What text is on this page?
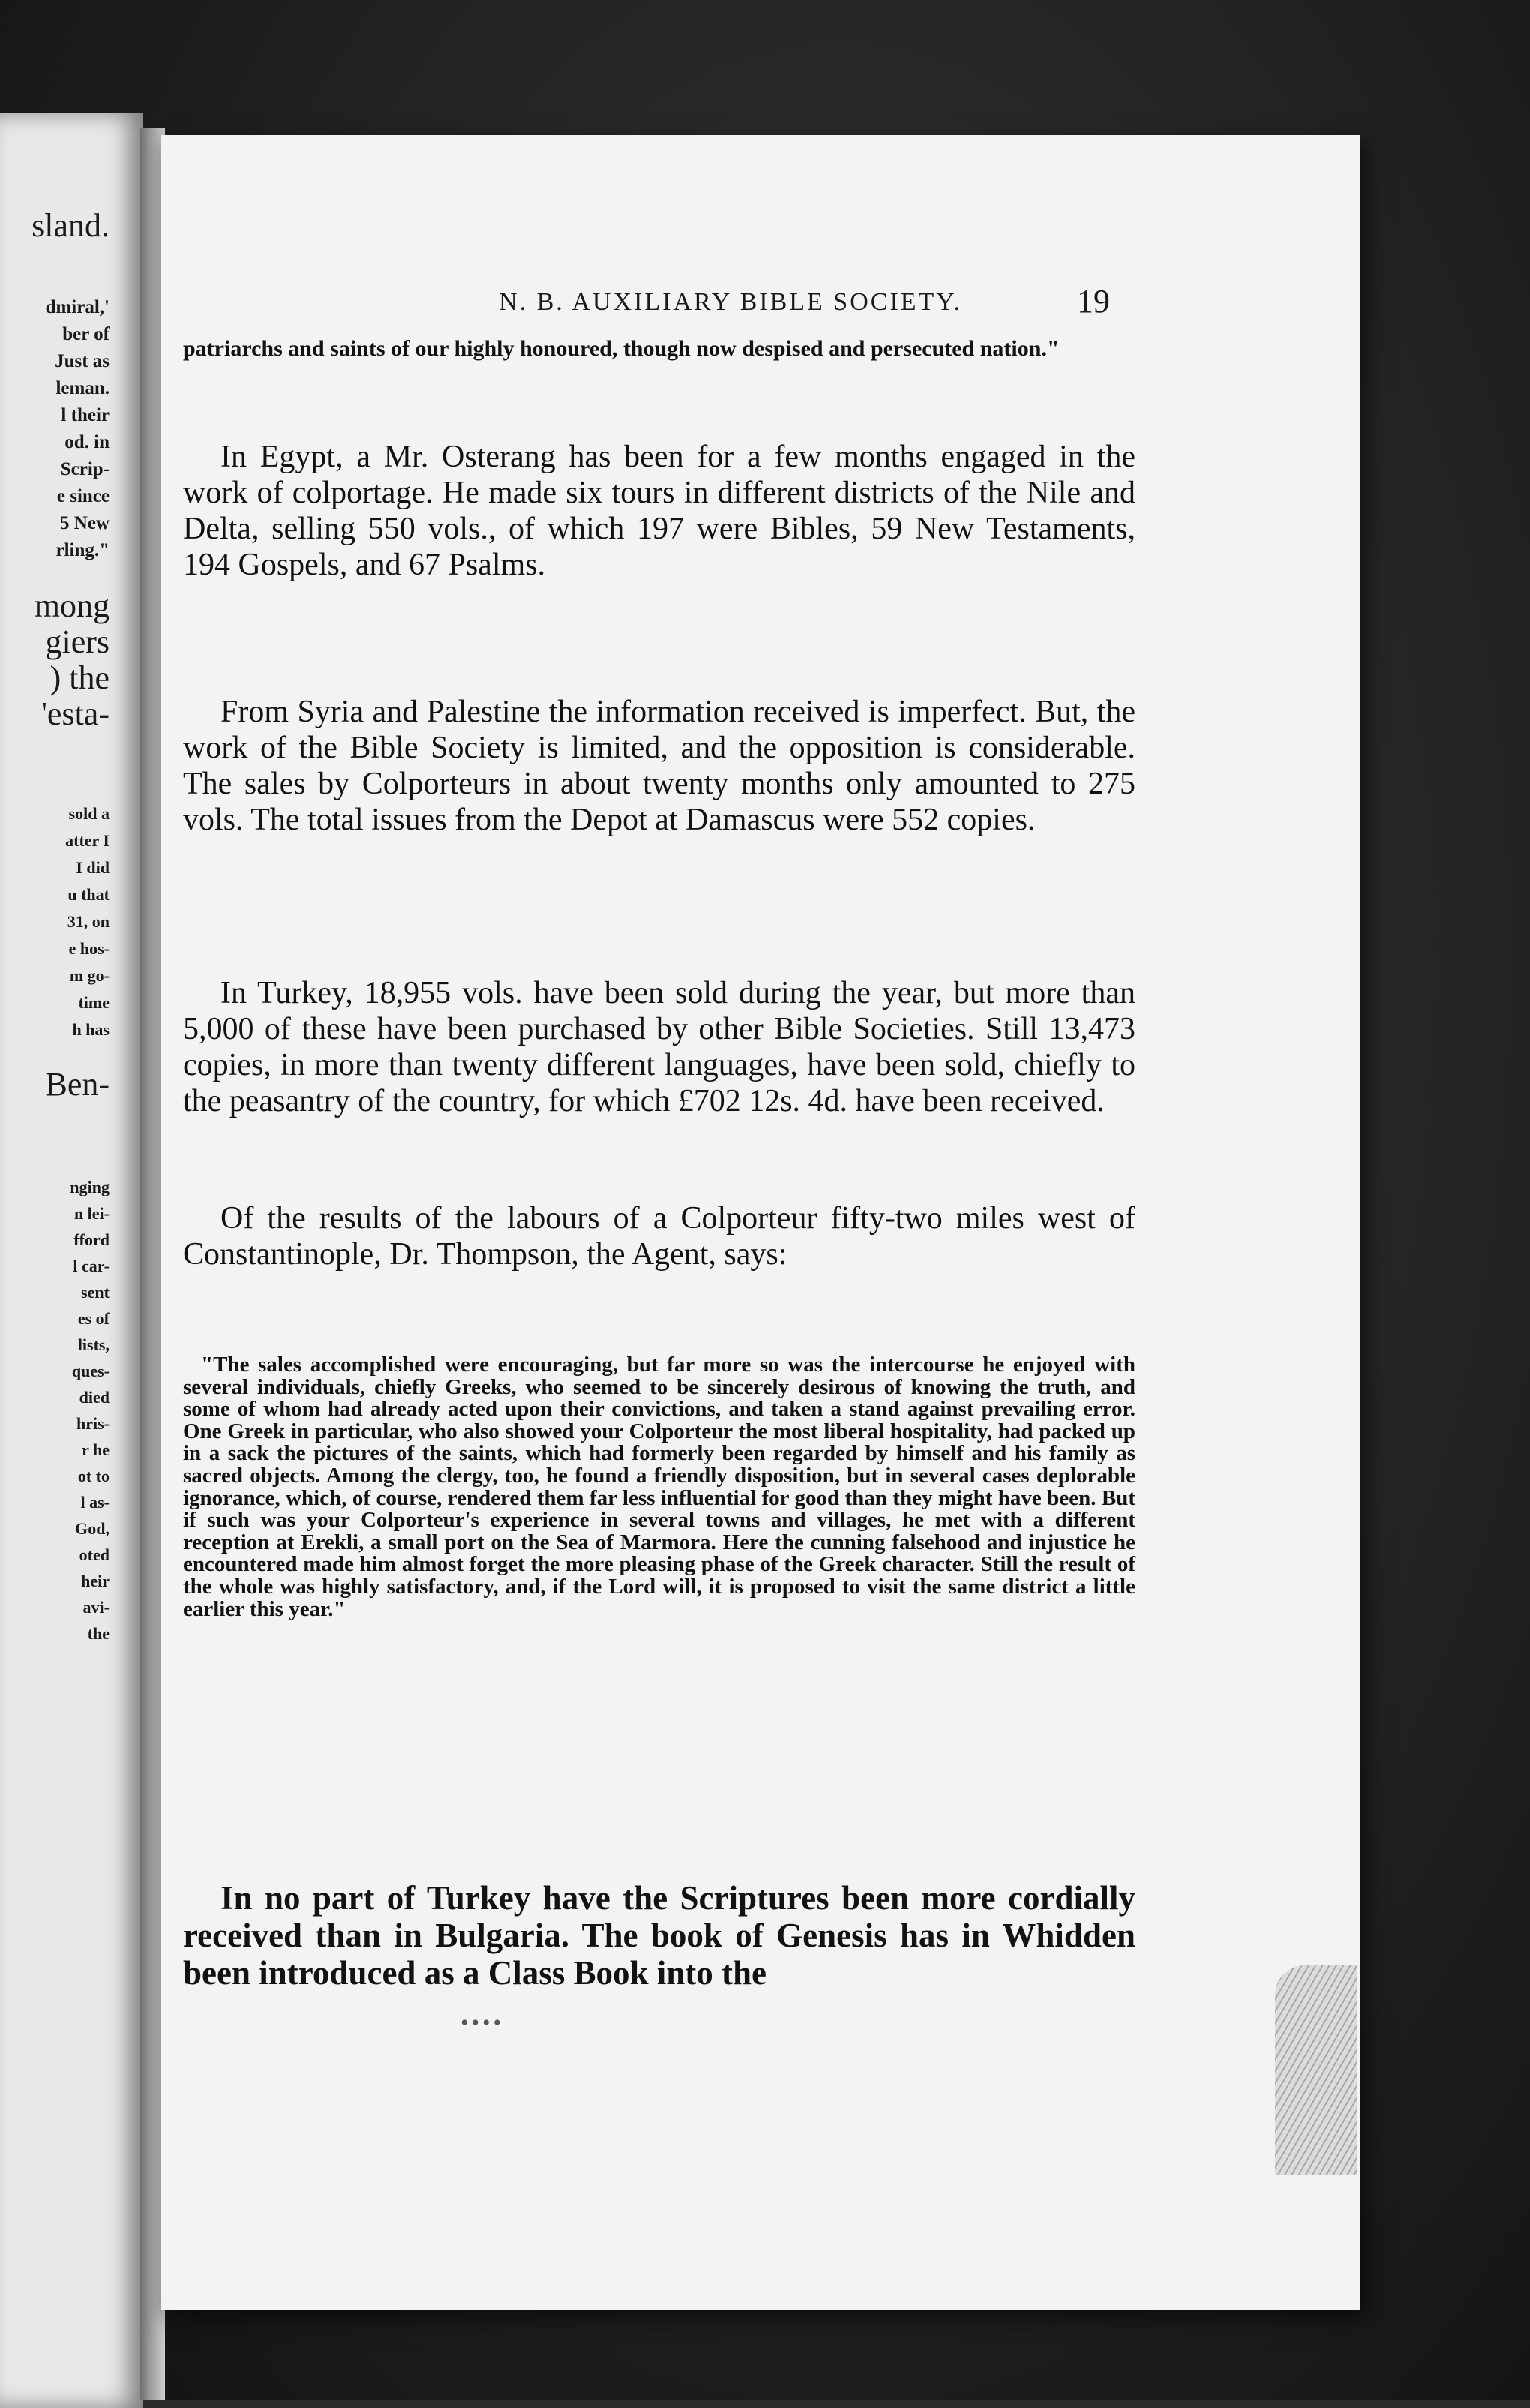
sland.
dmiral,'
ber of
Just as
leman.
l their
od. in
Scrip-
e since
5 New
rling."
mong
giers
) the
'esta-
sold a
atter I
I did
u that
31, on
e hos-
m go-
time
h has
Ben-
nging
n lei-
fford
l car-
sent
es of
lists,
ques-
died
hris-
r he
ot to
l as-
God,
oted
heir
avi-
the
N. B. AUXILIARY BIBLE SOCIETY.	19

patriarchs and saints of our highly honoured, though now despised and persecuted nation."

In Egypt, a Mr. Osterang has been for a few months engaged in the work of colportage. He made six tours in different districts of the Nile and Delta, selling 550 vols., of which 197 were Bibles, 59 New Testaments, 194 Gospels, and 67 Psalms.

From Syria and Palestine the information received is imperfect. But, the work of the Bible Society is limited, and the opposition is considerable. The sales by Colporteurs in about twenty months only amounted to 275 vols. The total issues from the Depot at Damascus were 552 copies.

In Turkey, 18,955 vols. have been sold during the year, but more than 5,000 of these have been purchased by other Bible Societies. Still 13,473 copies, in more than twenty different languages, have been sold, chiefly to the peasantry of the country, for which £702 12s. 4d. have been received.

Of the results of the labours of a Colporteur fifty-two miles west of Constantinople, Dr. Thompson, the Agent, says:

"The sales accomplished were encouraging, but far more so was the intercourse he enjoyed with several individuals, chiefly Greeks, who seemed to be sincerely desirous of knowing the truth, and some of whom had already acted upon their convictions, and taken a stand against prevailing error. One Greek in particular, who also showed your Colporteur the most liberal hospitality, had packed up in a sack the pictures of the saints, which had formerly been regarded by himself and his family as sacred objects. Among the clergy, too, he found a friendly disposition, but in several cases deplorable ignorance, which, of course, rendered them far less influential for good than they might have been. But if such was your Colporteur's experience in several towns and villages, he met with a different reception at Erekli, a small port on the Sea of Marmora. Here the cunning falsehood and injustice he encountered made him almost forget the more pleasing phase of the Greek character. Still the result of the whole was highly satisfactory, and, if the Lord will, it is proposed to visit the same district a little earlier this year."

In no part of Turkey have the Scriptures been more cordially received than in Bulgaria. The book of Genesis has in Whidden been introduced as a Class Book into the

••••
